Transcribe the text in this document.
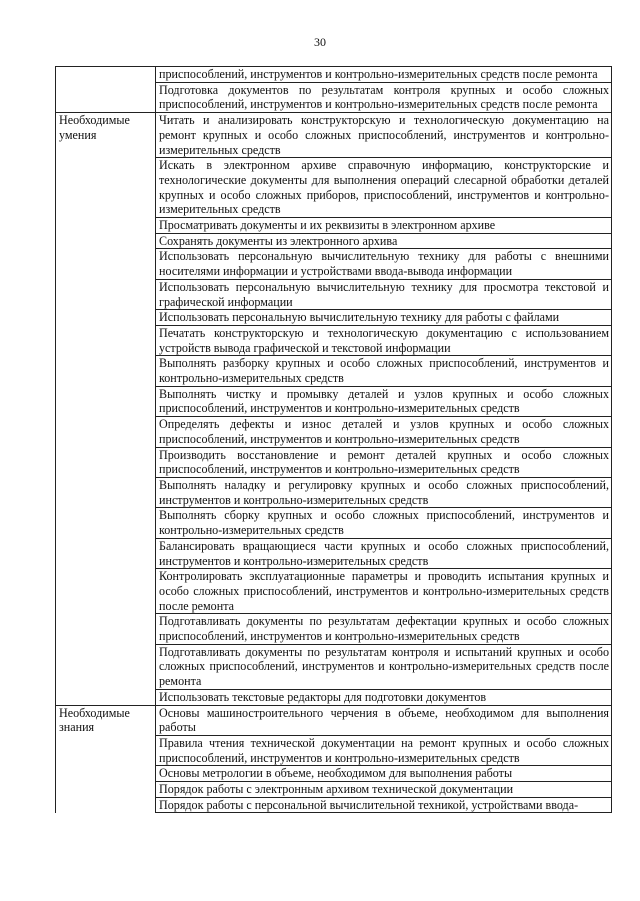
30
	приспособлений, инструментов и контрольно-измерительных средств после ремонта
	Подготовка документов по результатам контроля крупных и особо сложных приспособлений, инструментов и контрольно-измерительных средств после ремонта

Необходимые умения	Читать и анализировать конструкторскую и технологическую документацию на ремонт крупных и особо сложных приспособлений, инструментов и контрольно-измерительных средств
	Искать в электронном архиве справочную информацию, конструкторские и технологические документы для выполнения операций слесарной обработки деталей крупных и особо сложных приборов, приспособлений, инструментов и контрольно-измерительных средств
	Просматривать документы и их реквизиты в электронном архиве
	Сохранять документы из электронного архива
	Использовать персональную вычислительную технику для работы с внешними носителями информации и устройствами ввода-вывода информации
	Использовать персональную вычислительную технику для просмотра текстовой и графической информации
	Использовать персональную вычислительную технику для работы с файлами
	Печатать конструкторскую и технологическую документацию с использованием устройств вывода графической и текстовой информации
	Выполнять разборку крупных и особо сложных приспособлений, инструментов и контрольно-измерительных средств
	Выполнять чистку и промывку деталей и узлов крупных и особо сложных приспособлений, инструментов и контрольно-измерительных средств
	Определять дефекты и износ деталей и узлов крупных и особо сложных приспособлений, инструментов и контрольно-измерительных средств
	Производить восстановление и ремонт деталей крупных и особо сложных приспособлений, инструментов и контрольно-измерительных средств
	Выполнять наладку и регулировку крупных и особо сложных приспособлений, инструментов и контрольно-измерительных средств
	Выполнять сборку крупных и особо сложных приспособлений, инструментов и контрольно-измерительных средств
	Балансировать вращающиеся части крупных и особо сложных приспособлений, инструментов и контрольно-измерительных средств
	Контролировать эксплуатационные параметры и проводить испытания крупных и особо сложных приспособлений, инструментов и контрольно-измерительных средств после ремонта
	Подготавливать документы по результатам дефектации крупных и особо сложных приспособлений, инструментов и контрольно-измерительных средств
	Подготавливать документы по результатам контроля и испытаний крупных и особо сложных приспособлений, инструментов и контрольно-измерительных средств после ремонта
	Использовать текстовые редакторы для подготовки документов

Необходимые знания	Основы машиностроительного черчения в объеме, необходимом для выполнения работы
	Правила чтения технической документации на ремонт крупных и особо сложных приспособлений, инструментов и контрольно-измерительных средств
	Основы метрологии в объеме, необходимом для выполнения работы
	Порядок работы с электронным архивом технической документации
	Порядок работы с персональной вычислительной техникой, устройствами ввода-
